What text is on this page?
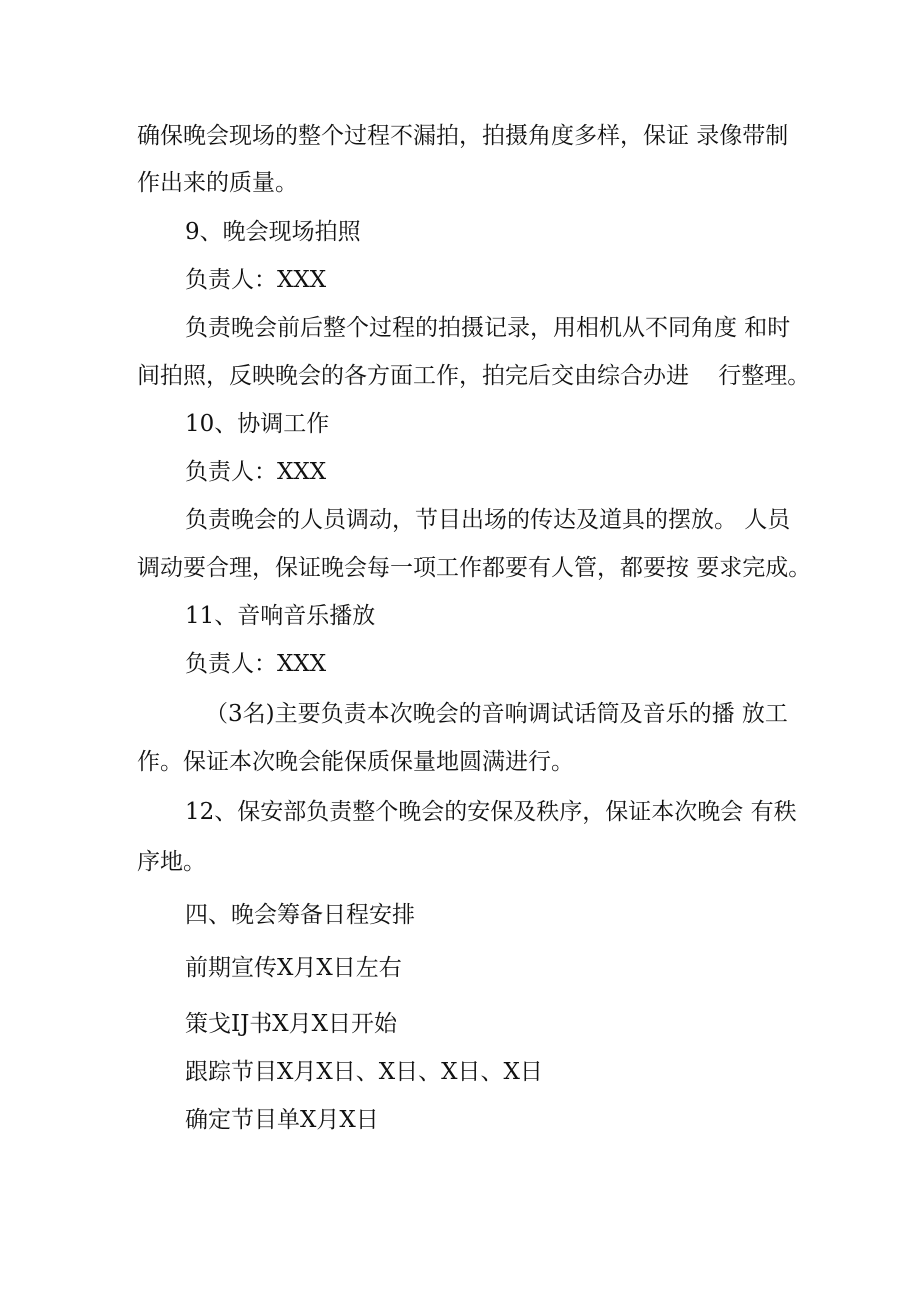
确保晚会现场的整个过程不漏拍，拍摄角度多样，保证 录像带制

作出来的质量。

9、晚会现场拍照

负责人：XXX

负责晚会前后整个过程的拍摄记录，用相机从不同角度 和时

间拍照，反映晚会的各方面工作，拍完后交由综合办进    行整理。

10、协调工作

负责人：XXX

负责晚会的人员调动，节目出场的传达及道具的摆放。 人员

调动要合理，保证晚会每一项工作都要有人管，都要按 要求完成。

11、音响音乐播放

负责人：XXX

（3名)主要负责本次晚会的音响调试话筒及音乐的播 放工

作。保证本次晚会能保质保量地圆满进行。

12、保安部负责整个晚会的安保及秩序，保证本次晚会 有秩

序地。

四、晚会筹备日程安排

前期宣传X月X日左右

策戈IJ书X月X日开始

跟踪节目X月X日、X日、X日、X日

确定节目单X月X日
